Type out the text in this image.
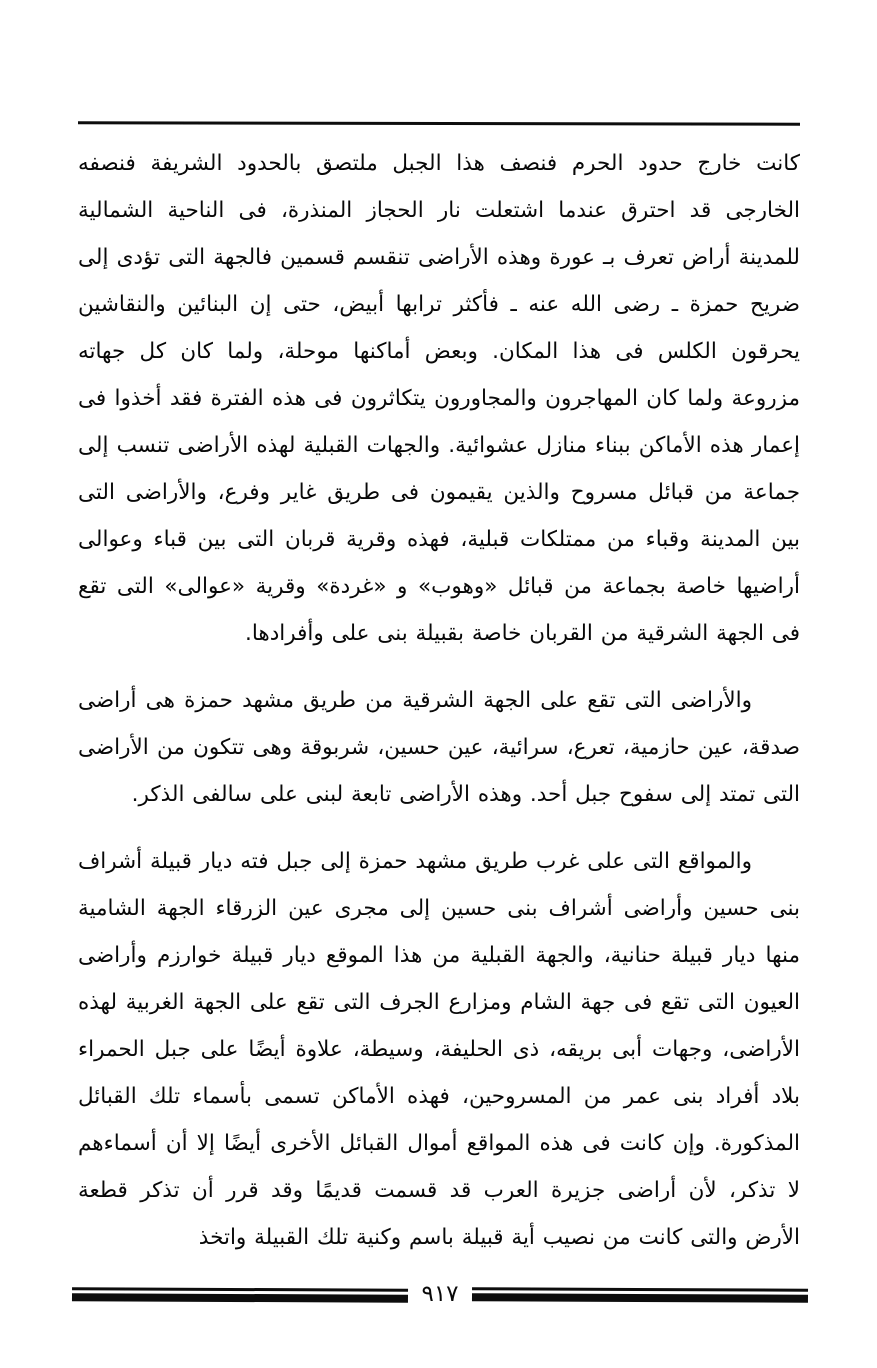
كانت خارج حدود الحرم فنصف هذا الجبل ملتصق بالحدود الشريفة فنصفه الخارجى قد احترق عندما اشتعلت نار الحجاز المنذرة، فى الناحية الشمالية للمدينة أراض تعرف بـ عورة وهذه الأراضى تنقسم قسمين فالجهة التى تؤدى إلى ضريح حمزة ـ رضى الله عنه ـ فأكثر ترابها أبيض، حتى إن البنائين والنقاشين يحرقون الكلس فى هذا المكان. وبعض أماكنها موحلة، ولما كان كل جهاته مزروعة ولما كان المهاجرون والمجاورون يتكاثرون فى هذه الفترة فقد أخذوا فى إعمار هذه الأماكن ببناء منازل عشوائية. والجهات القبلية لهذه الأراضى تنسب إلى جماعة من قبائل مسروح والذين يقيمون فى طريق غاير وفرع، والأراضى التى بين المدينة وقباء من ممتلكات قبلية، فهذه وقرية قربان التى بين قباء وعوالى أراضيها خاصة بجماعة من قبائل «وهوب» و «غردة» وقرية «عوالى» التى تقع فى الجهة الشرقية من القربان خاصة بقبيلة بنى على وأفرادها.

والأراضى التى تقع على الجهة الشرقية من طريق مشهد حمزة هى أراضى صدقة، عين حازمية، تعرع، سرائية، عين حسين، شربوقة وهى تتكون من الأراضى التى تمتد إلى سفوح جبل أحد. وهذه الأراضى تابعة لبنى على سالفى الذكر.

والمواقع التى على غرب طريق مشهد حمزة إلى جبل فته ديار قبيلة أشراف بنى حسين وأراضى أشراف بنى حسين إلى مجرى عين الزرقاء الجهة الشامية منها ديار قبيلة حنانية، والجهة القبلية من هذا الموقع ديار قبيلة خوارزم وأراضى العيون التى تقع فى جهة الشام ومزارع الجرف التى تقع على الجهة الغربية لهذه الأراضى، وجهات أبى بريقه، ذى الحليفة، وسيطة، علاوة أيضًا على جبل الحمراء بلاد أفراد بنى عمر من المسروحين، فهذه الأماكن تسمى بأسماء تلك القبائل المذكورة. وإن كانت فى هذه المواقع أموال القبائل الأخرى أيضًا إلا أن أسماءهم لا تذكر، لأن أراضى جزيرة العرب قد قسمت قديمًا وقد قرر أن تذكر قطعة الأرض والتى كانت من نصيب أية قبيلة باسم وكنية تلك القبيلة واتخذ

٩١٧
